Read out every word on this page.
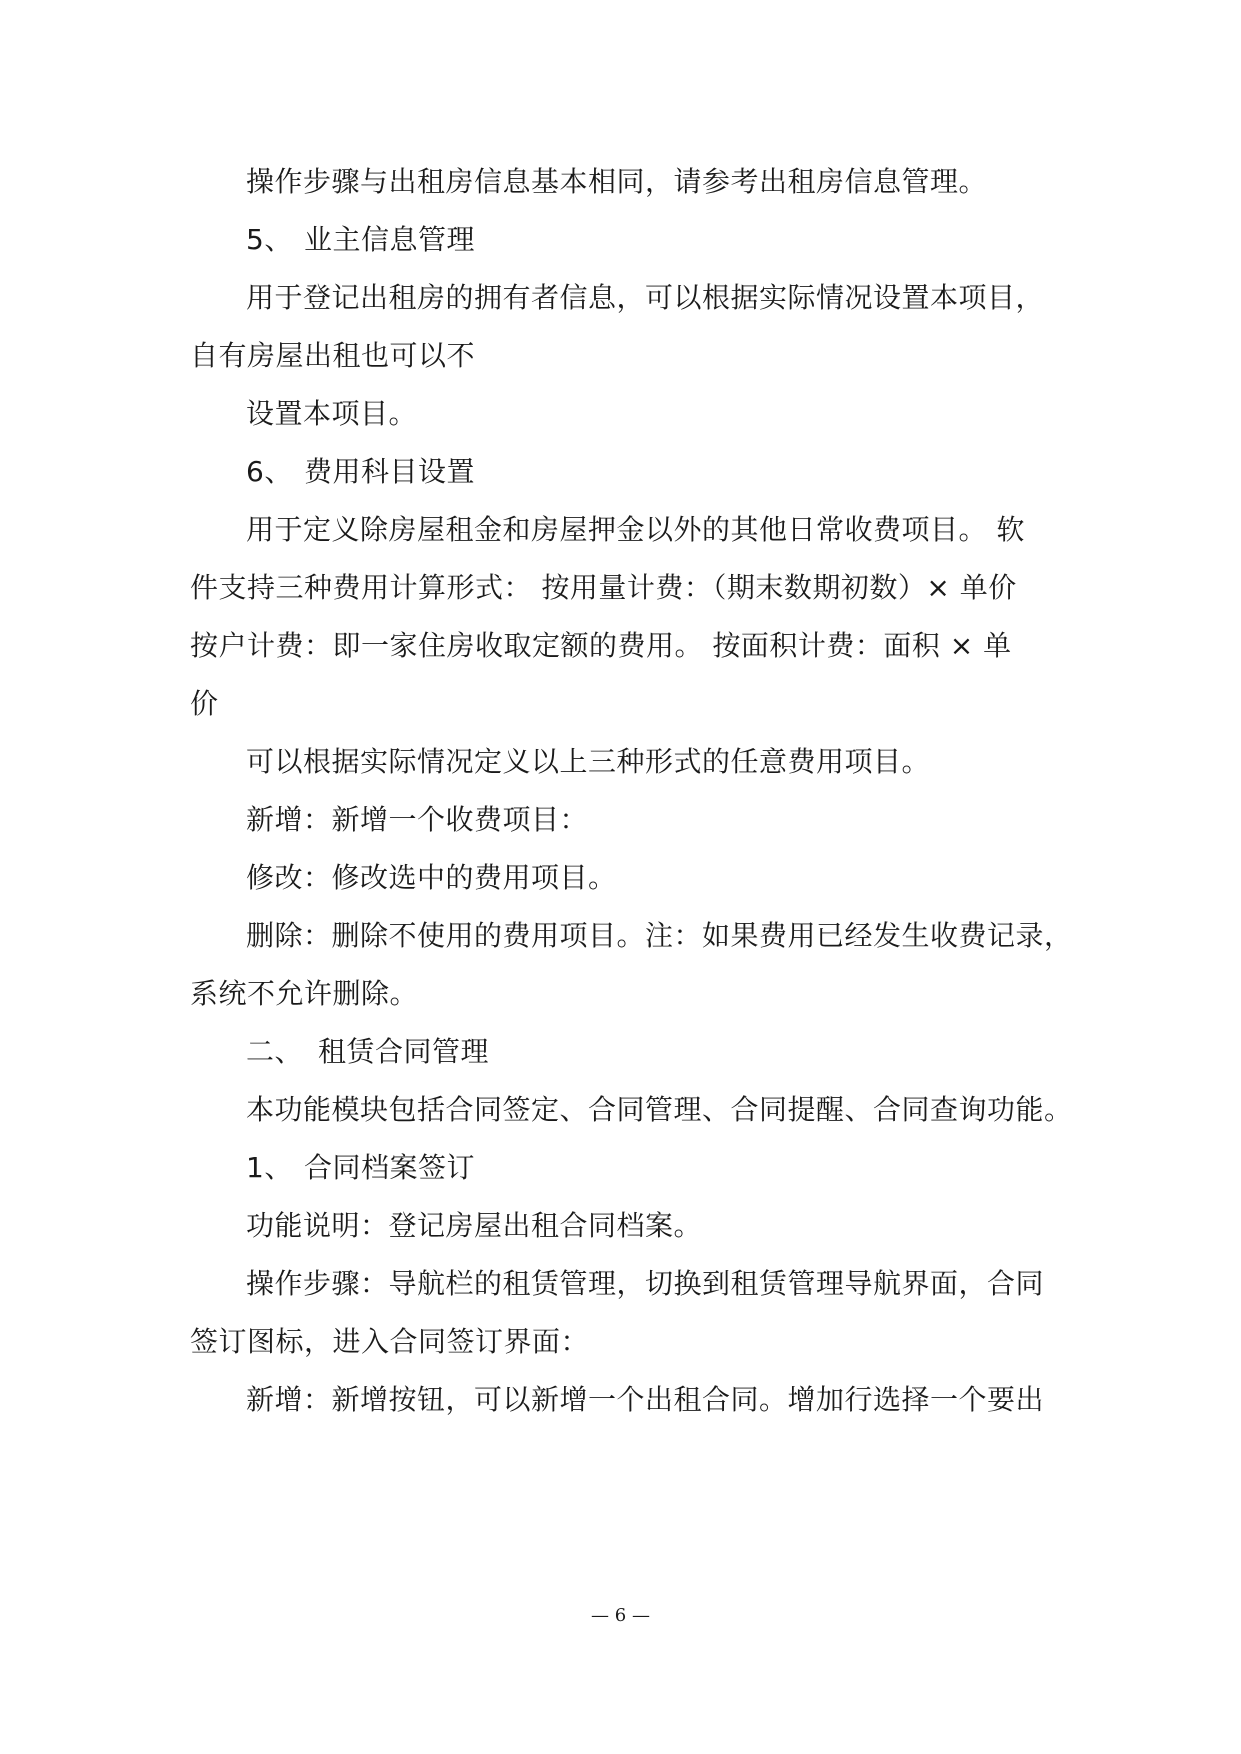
操作步骤与出租房信息基本相同，请参考出租房信息管理。
5、 业主信息管理
用于登记出租房的拥有者信息，可以根据实际情况设置本项目，
自有房屋出租也可以不
设置本项目。
6、 费用科目设置
用于定义除房屋租金和房屋押金以外的其他日常收费项目。 软
件支持三种费用计算形式： 按用量计费：（期末数期初数）× 单价
按户计费：即一家住房收取定额的费用。 按面积计费：面积 × 单
价
可以根据实际情况定义以上三种形式的任意费用项目。
新增：新增一个收费项目：
修改：修改选中的费用项目。
删除：删除不使用的费用项目。注：如果费用已经发生收费记录，
系统不允许删除。
二、 租赁合同管理
本功能模块包括合同签定、合同管理、合同提醒、合同查询功能。
1、 合同档案签订
功能说明：登记房屋出租合同档案。
操作步骤：导航栏的租赁管理，切换到租赁管理导航界面，合同
签订图标，进入合同签订界面：
新增：新增按钮，可以新增一个出租合同。增加行选择一个要出
— 6 —
